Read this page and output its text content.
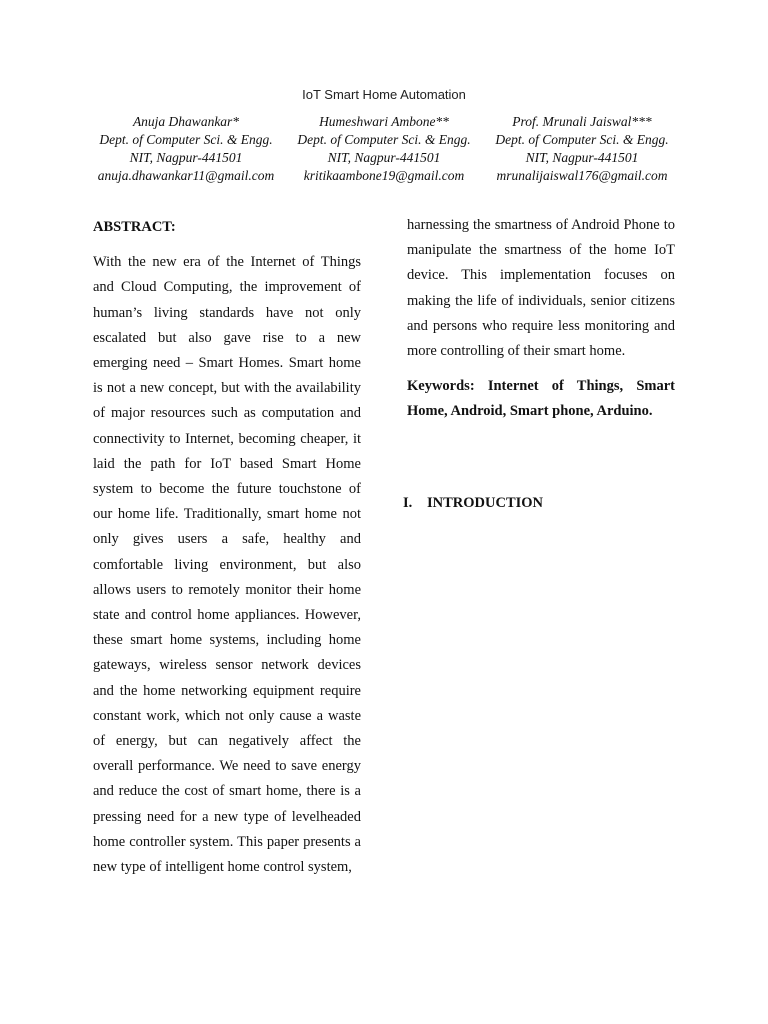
IoT Smart Home Automation
Anuja Dhawankar*
Dept. of Computer Sci. & Engg.
NIT, Nagpur-441501
anuja.dhawankar11@gmail.com
Humeshwari Ambone**
Dept. of Computer Sci. & Engg.
NIT, Nagpur-441501
kritikaambone19@gmail.com
Prof. Mrunali Jaiswal***
Dept. of Computer Sci. & Engg.
NIT, Nagpur-441501
mrunalijaiswal176@gmail.com

ABSTRACT:

With the new era of the Internet of Things and Cloud Computing, the improvement of human’s living standards have not only escalated but also gave rise to a new emerging need – Smart Homes. Smart home is not a new concept, but with the availability of major resources such as computation and connectivity to Internet, becoming cheaper, it laid the path for IoT based Smart Home system to become the future touchstone of our home life. Traditionally, smart home not only gives users a safe, healthy and comfortable living environment, but also allows users to remotely monitor their home state and control home appliances. However, these smart home systems, including home gateways, wireless sensor network devices and the home networking equipment require constant work, which not only cause a waste of energy, but can negatively affect the overall performance. We need to save energy and reduce the cost of smart home, there is a pressing need for a new type of levelheaded home controller system. This paper presents a new type of intelligent home control system,

harnessing the smartness of Android Phone to manipulate the smartness of the home IoT device. This implementation focuses on making the life of individuals, senior citizens and persons who require less monitoring and more controlling of their smart home.

Keywords: Internet of Things, Smart Home, Android, Smart phone, Arduino.

I. INTRODUCTION
